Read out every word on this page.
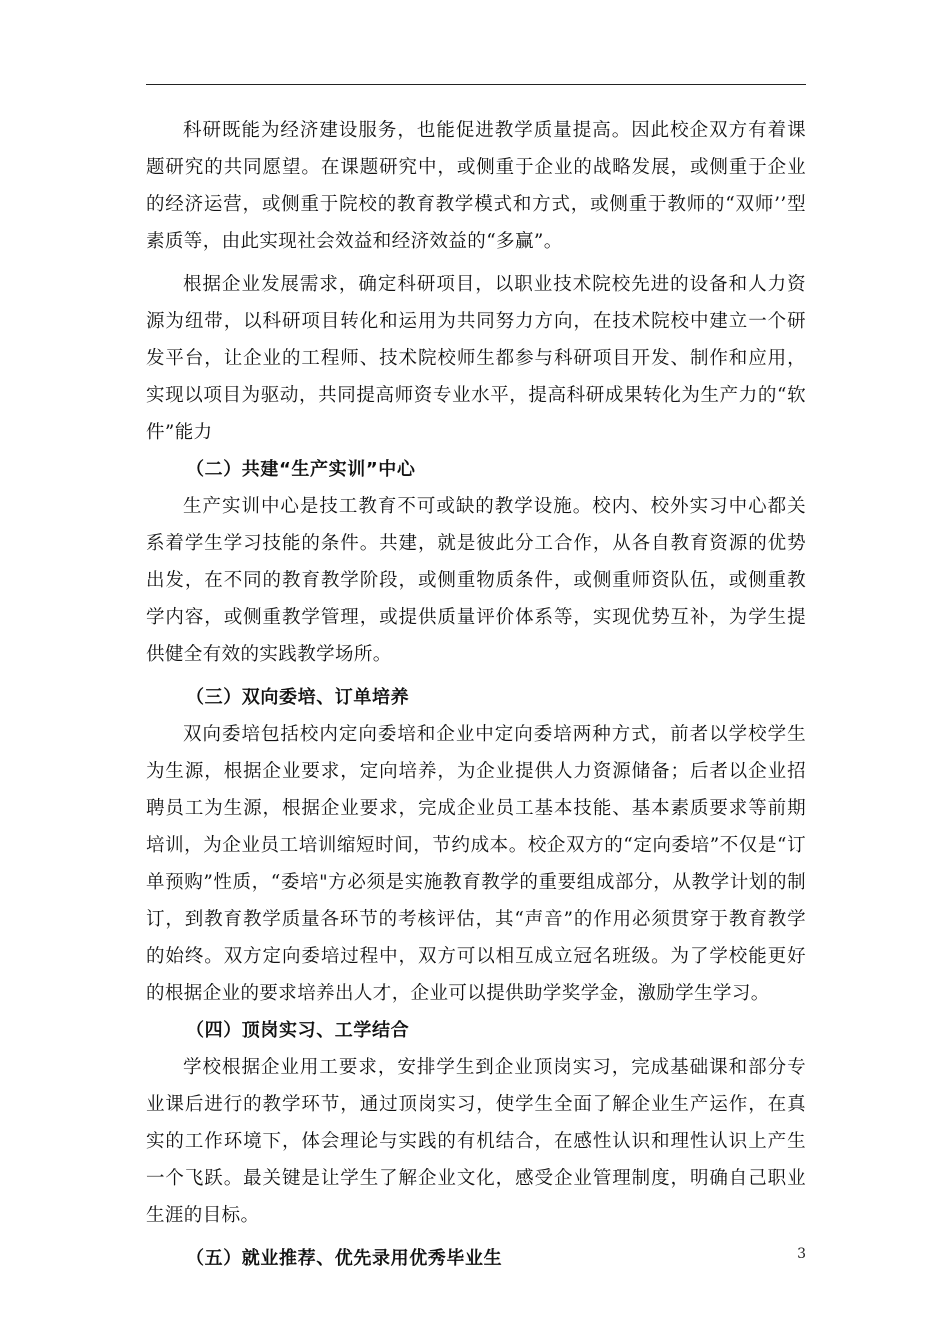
科研既能为经济建设服务，也能促进教学质量提高。因此校企双方有着课题研究的共同愿望。在课题研究中，或侧重于企业的战略发展，或侧重于企业的经济运营，或侧重于院校的教育教学模式和方式，或侧重于教师的“双师’’型素质等，由此实现社会效益和经济效益的“多赢”。

根据企业发展需求，确定科研项目，以职业技术院校先进的设备和人力资源为纽带，以科研项目转化和运用为共同努力方向，在技术院校中建立一个研发平台，让企业的工程师、技术院校师生都参与科研项目开发、制作和应用，实现以项目为驱动，共同提高师资专业水平，提高科研成果转化为生产力的“软件”能力

（二）共建“生产实训”中心

生产实训中心是技工教育不可或缺的教学设施。校内、校外实习中心都关系着学生学习技能的条件。共建，就是彼此分工合作，从各自教育资源的优势出发，在不同的教育教学阶段，或侧重物质条件，或侧重师资队伍，或侧重教学内容，或侧重教学管理，或提供质量评价体系等，实现优势互补，为学生提供健全有效的实践教学场所。

（三）双向委培、订单培养

双向委培包括校内定向委培和企业中定向委培两种方式，前者以学校学生为生源，根据企业要求，定向培养，为企业提供人力资源储备；后者以企业招聘员工为生源，根据企业要求，完成企业员工基本技能、基本素质要求等前期培训，为企业员工培训缩短时间，节约成本。校企双方的“定向委培”不仅是“订单预购”性质，“委培"方必须是实施教育教学的重要组成部分，从教学计划的制订，到教育教学质量各环节的考核评估，其“声音”的作用必须贯穿于教育教学的始终。双方定向委培过程中，双方可以相互成立冠名班级。为了学校能更好的根据企业的要求培养出人才，企业可以提供助学奖学金，激励学生学习。

（四）顶岗实习、工学结合

学校根据企业用工要求，安排学生到企业顶岗实习，完成基础课和部分专业课后进行的教学环节，通过顶岗实习，使学生全面了解企业生产运作，在真实的工作环境下，体会理论与实践的有机结合，在感性认识和理性认识上产生一个飞跃。最关键是让学生了解企业文化，感受企业管理制度，明确自己职业生涯的目标。

（五）就业推荐、优先录用优秀毕业生	3
